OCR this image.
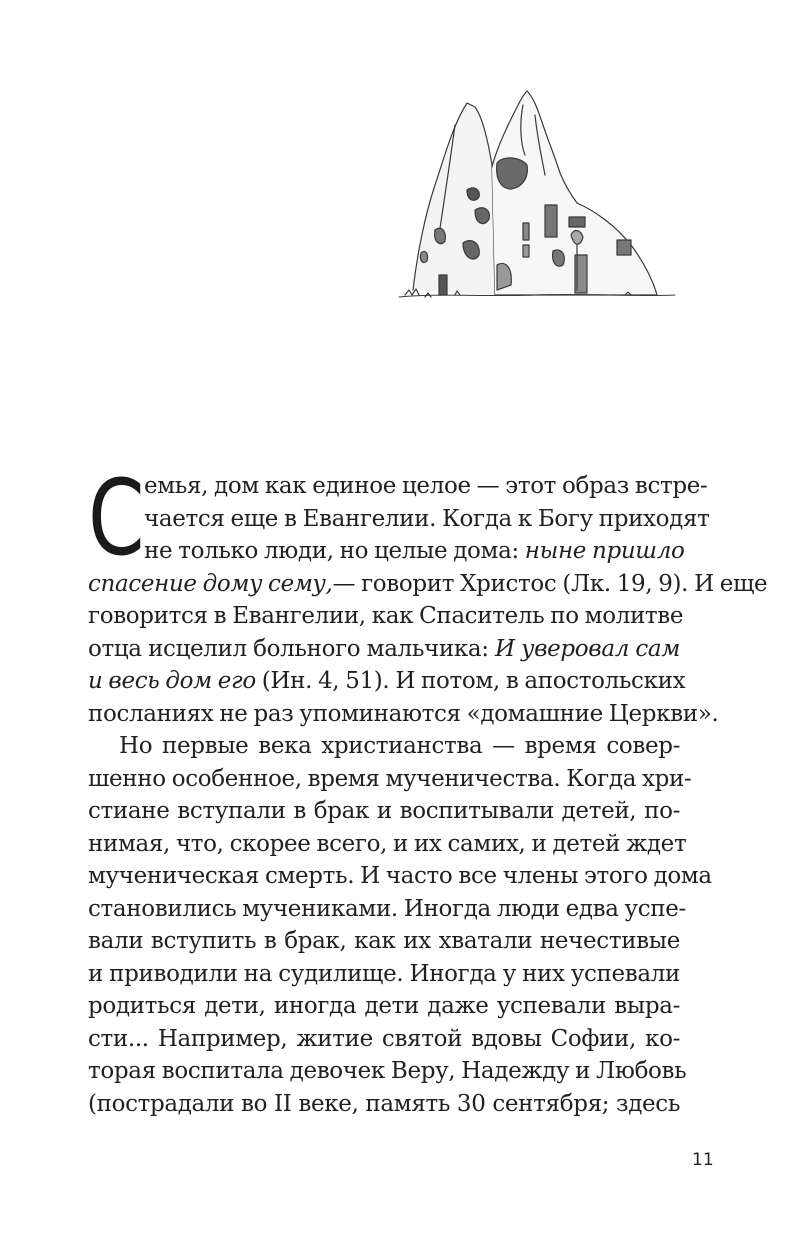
С емья, дом как единое целое — этот образ встре-
чается еще в Евангелии. Когда к Богу приходят
не только люди, но целые дома: ныне пришло
спасение дому сему,— говорит Христос (Лк. 19, 9). И еще
говорится в Евангелии, как Спаситель по молитве
отца исцелил больного мальчика: И уверовал сам
и весь дом его (Ин. 4, 51). И потом, в апостольских
посланиях не раз упоминаются «домашние Церкви».
Но первые века христианства — время совер-
шенно особенное, время мученичества. Когда хри-
стиане вступали в брак и воспитывали детей, по-
нимая, что, скорее всего, и их самих, и детей ждет
мученическая смерть. И часто все члены этого дома
становились мучениками. Иногда люди едва успе-
вали вступить в брак, как их хватали нечестивые
и приводили на судилище. Иногда у них успевали
родиться дети, иногда дети даже успевали выра-
сти... Например, житие святой вдовы Софии, ко-
торая воспитала девочек Веру, Надежду и Любовь
(пострадали во II веке, память 30 сентября; здесь
11
